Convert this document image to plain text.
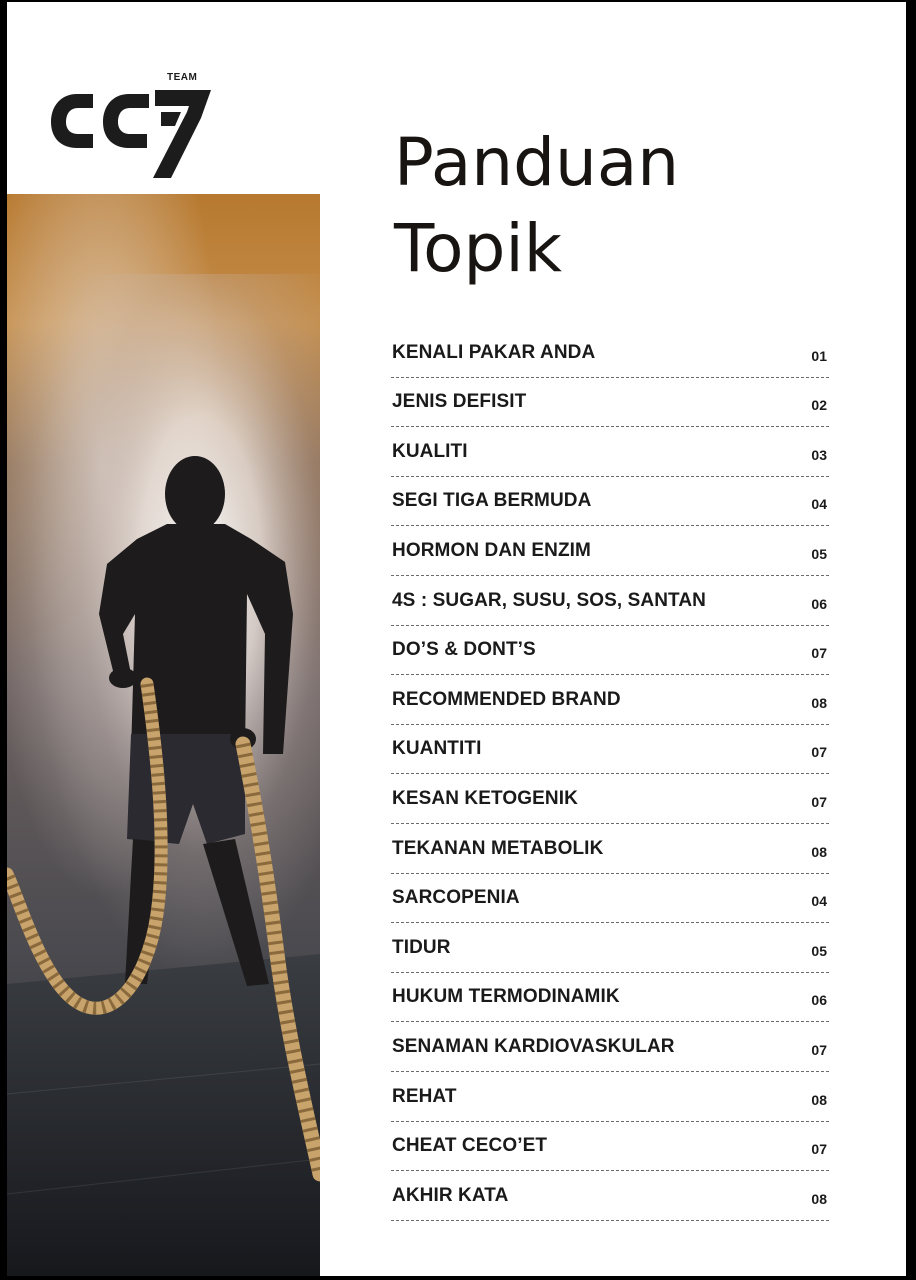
TEAM
Panduan
Topik
KENALI PAKAR ANDA	01
JENIS DEFISIT	02
KUALITI	03
SEGI TIGA BERMUDA	04
HORMON DAN ENZIM	05
4S : SUGAR, SUSU, SOS, SANTAN	06
DO’S & DONT’S	07
RECOMMENDED BRAND	08
KUANTITI	07
KESAN KETOGENIK	07
TEKANAN METABOLIK	08
SARCOPENIA	04
TIDUR	05
HUKUM TERMODINAMIK	06
SENAMAN KARDIOVASKULAR	07
REHAT	08
CHEAT CECO’ET	07
AKHIR KATA	08
